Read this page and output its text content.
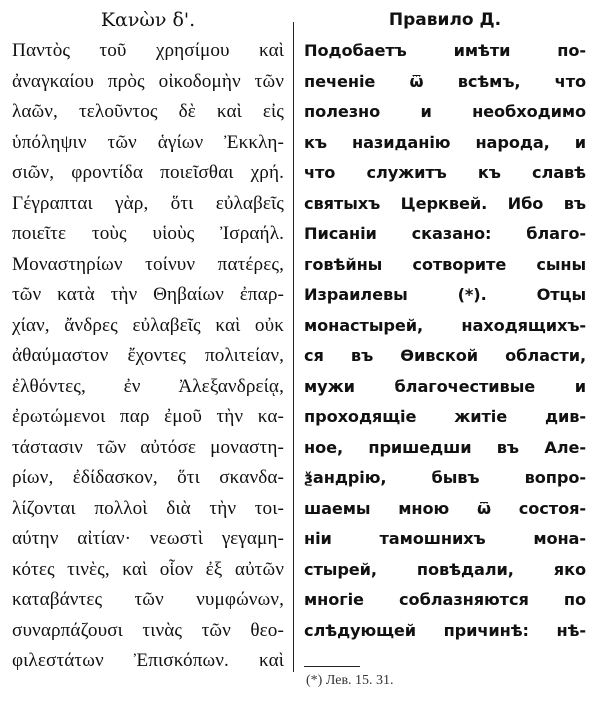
Κανὼν δ'.
Παντὸς τοῦ χρησίμου καὶ
ἀναγκαίου πρὸς οἰκοδομὴν τῶν
λαῶν, τελοῦντος δὲ καὶ εἰς
ὑπόληψιν τῶν ἁγίων Ἐκκλη-
σιῶν, φροντίδα ποιεῖσθαι χρή.
Γέγραπται γὰρ, ὅτι εὐλαβεῖς
ποιεῖτε τοὺς υἱοὺς Ἰσραήλ.
Μοναστηρίων τοίνυν πατέρες,
τῶν κατὰ τὴν Θηβαίων ἐπαρ-
χίαν, ἄνδρες εὐλαβεῖς καὶ οὐκ
ἀθαύμαστον ἔχοντες πολιτείαν,
ἐλθόντες, ἐν Ἀλεξανδρείᾳ,
ἐρωτώμενοι παρ ἐμοῦ τὴν κα-
τάστασιν τῶν αὐτόσε μοναστη-
ρίων, ἐδίδασκον, ὅτι σκανδα-
λίζονται πολλοὶ διὰ τὴν τοι-
αύτην αἰτίαν· νεωστὶ γεγαμη-
κότες τινὲς, καὶ οἷον ἐξ αὐτῶν
καταβάντες τῶν νυμφώνων,
συναρπάζουσι τινὰς τῶν θεο-
φιλεστάτων Ἐπισκόπων. καὶ
Правило Д.
Подобаетъ имѣти по-
печеніе ѿ всѣмъ, что
полезно и необходимо
къ назиданію народа, и
что служитъ къ славѣ
святыхъ Церквей. Ибо въ
Писаніи сказано: благо-
говѣйны сотворите сыны
Израилевы (*). Отцы
монастырей, находящихъ-
ся въ Ѳивской области,
мужи благочестивые и
проходящіе житіе див-
ное, пришедши въ Але-
ѯандрію, бывъ вопро-
шаемы мною ѿ состоя-
ніи тамошнихъ мона-
стырей, повѣдали, яко
многіе соблазняются по
слѣдующей причинѣ: нѣ-
(*) Лев. 15. 31.
